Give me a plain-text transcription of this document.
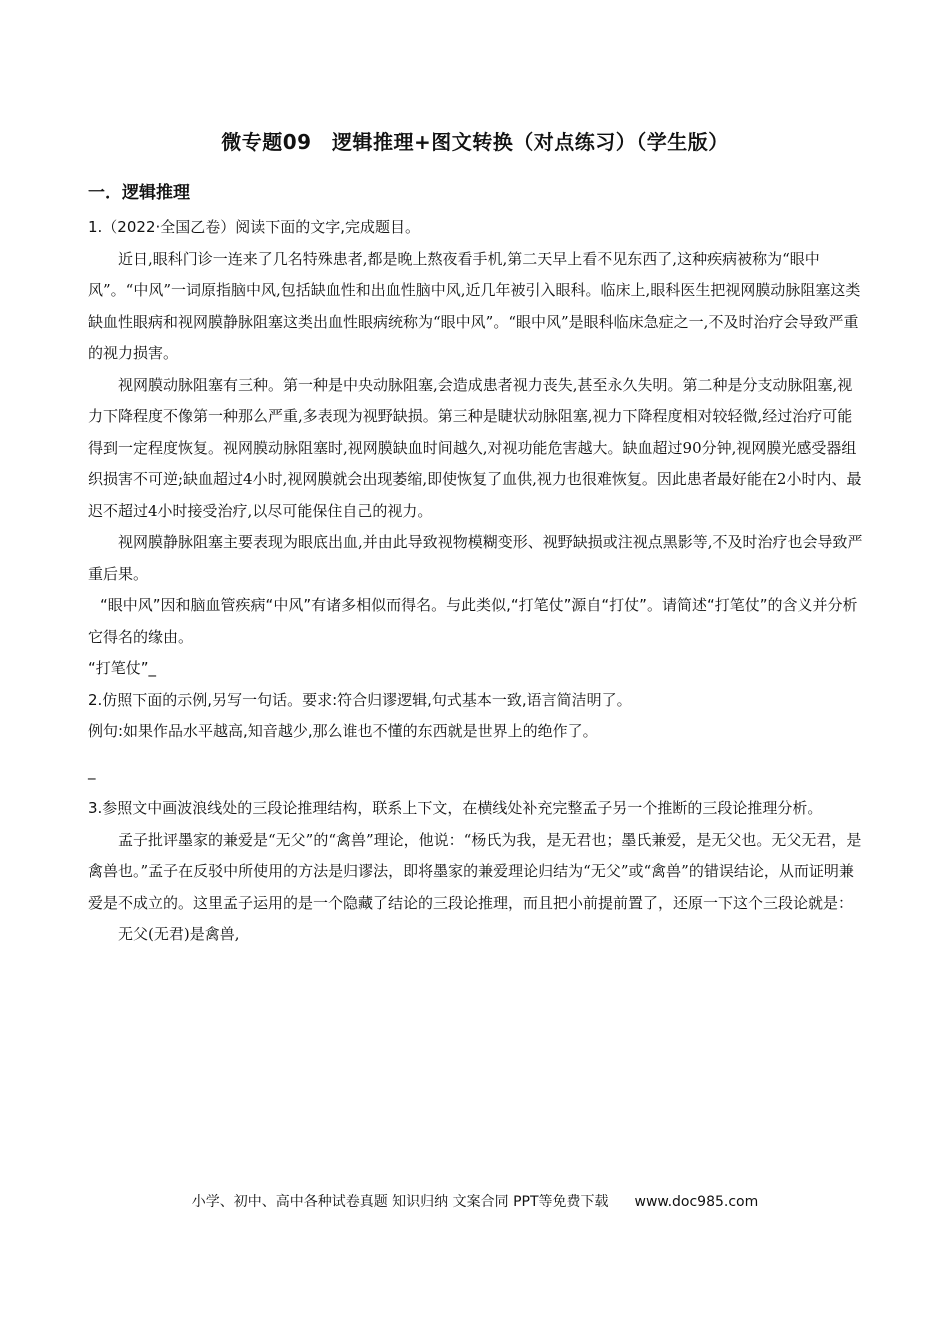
微专题09　逻辑推理+图文转换（对点练习）（学生版）
一．逻辑推理

1.（2022·全国乙卷）阅读下面的文字,完成题目。

近日,眼科门诊一连来了几名特殊患者,都是晚上熬夜看手机,第二天早上看不见东西了,这种疾病被称为“眼中风”。“中风”一词原指脑中风,包括缺血性和出血性脑中风,近几年被引入眼科。临床上,眼科医生把视网膜动脉阻塞这类缺血性眼病和视网膜静脉阻塞这类出血性眼病统称为“眼中风”。“眼中风”是眼科临床急症之一,不及时治疗会导致严重的视力损害。

视网膜动脉阻塞有三种。第一种是中央动脉阻塞,会造成患者视力丧失,甚至永久失明。第二种是分支动脉阻塞,视力下降程度不像第一种那么严重,多表现为视野缺损。第三种是睫状动脉阻塞,视力下降程度相对较轻微,经过治疗可能得到一定程度恢复。视网膜动脉阻塞时,视网膜缺血时间越久,对视功能危害越大。缺血超过90分钟,视网膜光感受器组织损害不可逆;缺血超过4小时,视网膜就会出现萎缩,即使恢复了血供,视力也很难恢复。因此患者最好能在2小时内、最迟不超过4小时接受治疗,以尽可能保住自己的视力。

视网膜静脉阻塞主要表现为眼底出血,并由此导致视物模糊变形、视野缺损或注视点黑影等,不及时治疗也会导致严重后果。

“眼中风”因和脑血管疾病“中风”有诸多相似而得名。与此类似,“打笔仗”源自“打仗”。请简述“打笔仗”的含义并分析它得名的缘由。

“打笔仗”_

2.仿照下面的示例,另写一句话。要求:符合归谬逻辑,句式基本一致,语言简洁明了。

例句:如果作品水平越高,知音越少,那么谁也不懂的东西就是世界上的绝作了。

_

3.参照文中画波浪线处的三段论推理结构，联系上下文，在横线处补充完整孟子另一个推断的三段论推理分析。

孟子批评墨家的兼爱是“无父”的“禽兽”理论，他说：“杨氏为我，是无君也；墨氏兼爱，是无父也。无父无君，是禽兽也。”孟子在反驳中所使用的方法是归谬法，即将墨家的兼爱理论归结为“无父”或“禽兽”的错误结论，从而证明兼爱是不成立的。这里孟子运用的是一个隐藏了结论的三段论推理，而且把小前提前置了，还原一下这个三段论就是：

无父(无君)是禽兽,

小学、初中、高中各种试卷真题 知识归纳 文案合同 PPT等免费下载 www.doc985.com
